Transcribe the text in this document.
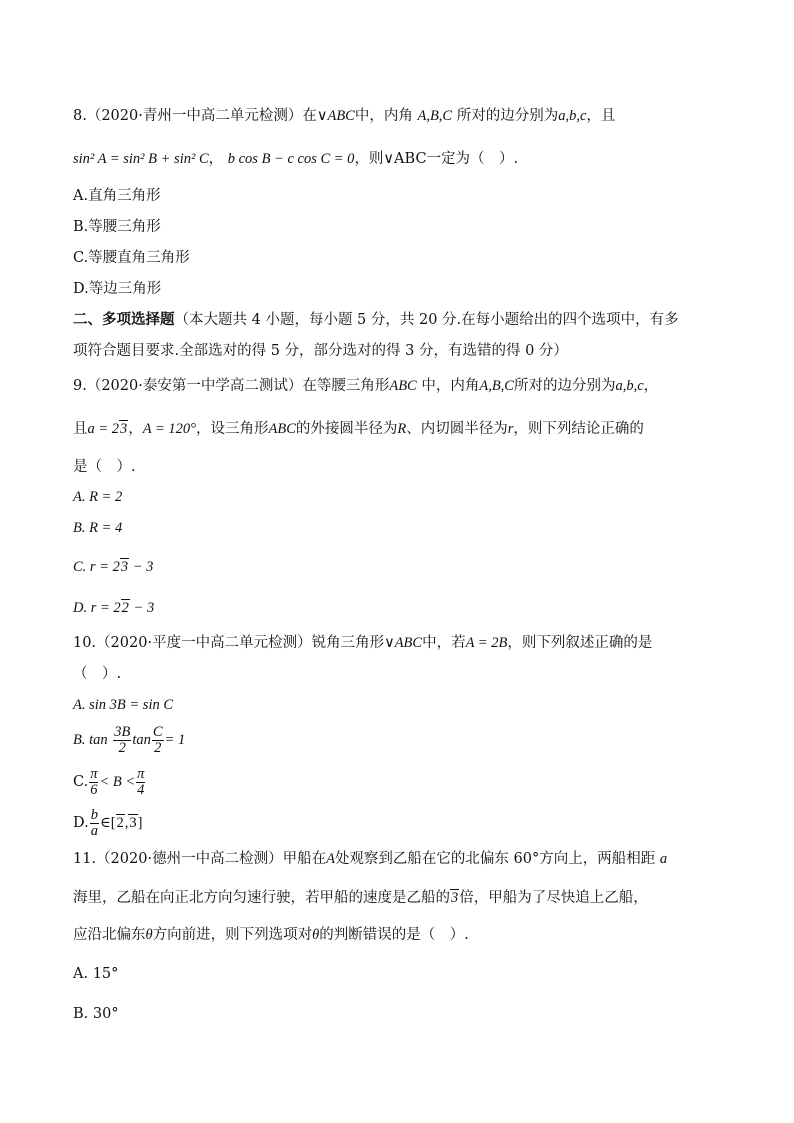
8.（2020·青州一中高二单元检测）在∨ABC中，内角 A,B,C 所对的边分别为a,b,c，且
sin² A = sin² B + sin² C， b cos B − c cos C = 0，则∨ABC一定为（　）.
A.直角三角形
B.等腰三角形
C.等腰直角三角形
D.等边三角形
二、多项选择题（本大题共 4 小题，每小题 5 分，共 20 分.在每小题给出的四个选项中，有多
项符合题目要求.全部选对的得 5 分，部分选对的得 3 分，有选错的得 0 分）
9.（2020·泰安第一中学高二测试）在等腰三角形ABC 中，内角A,B,C所对的边分别为a,b,c，
且a = 23，A = 120°，设三角形ABC的外接圆半径为R、内切圆半径为r，则下列结论正确的
是（　）.
A. R = 2
B. R = 4
C. r = 23 − 3
D. r = 22 − 3
10.（2020·平度一中高二单元检测）锐角三角形∨ABC中，若A = 2B，则下列叙述正确的是
（　）.
A. sin 3B = sin C
B. $\tan \frac{3B}{2}$ $\tan \frac{C}{2} = 1$
C. $\frac{\pi}{6} < B < \frac{\pi}{4}$
D. $\frac{b}{a}$ ∈[2,3]
11.（2020·德州一中高二检测）甲船在A处观察到乙船在它的北偏东 60°方向上，两船相距 a
海里，乙船在向正北方向匀速行驶，若甲船的速度是乙船的3倍，甲船为了尽快追上乙船，
应沿北偏东θ方向前进，则下列选项对θ的判断错误的是（　）.
A. 15°
B. 30°
